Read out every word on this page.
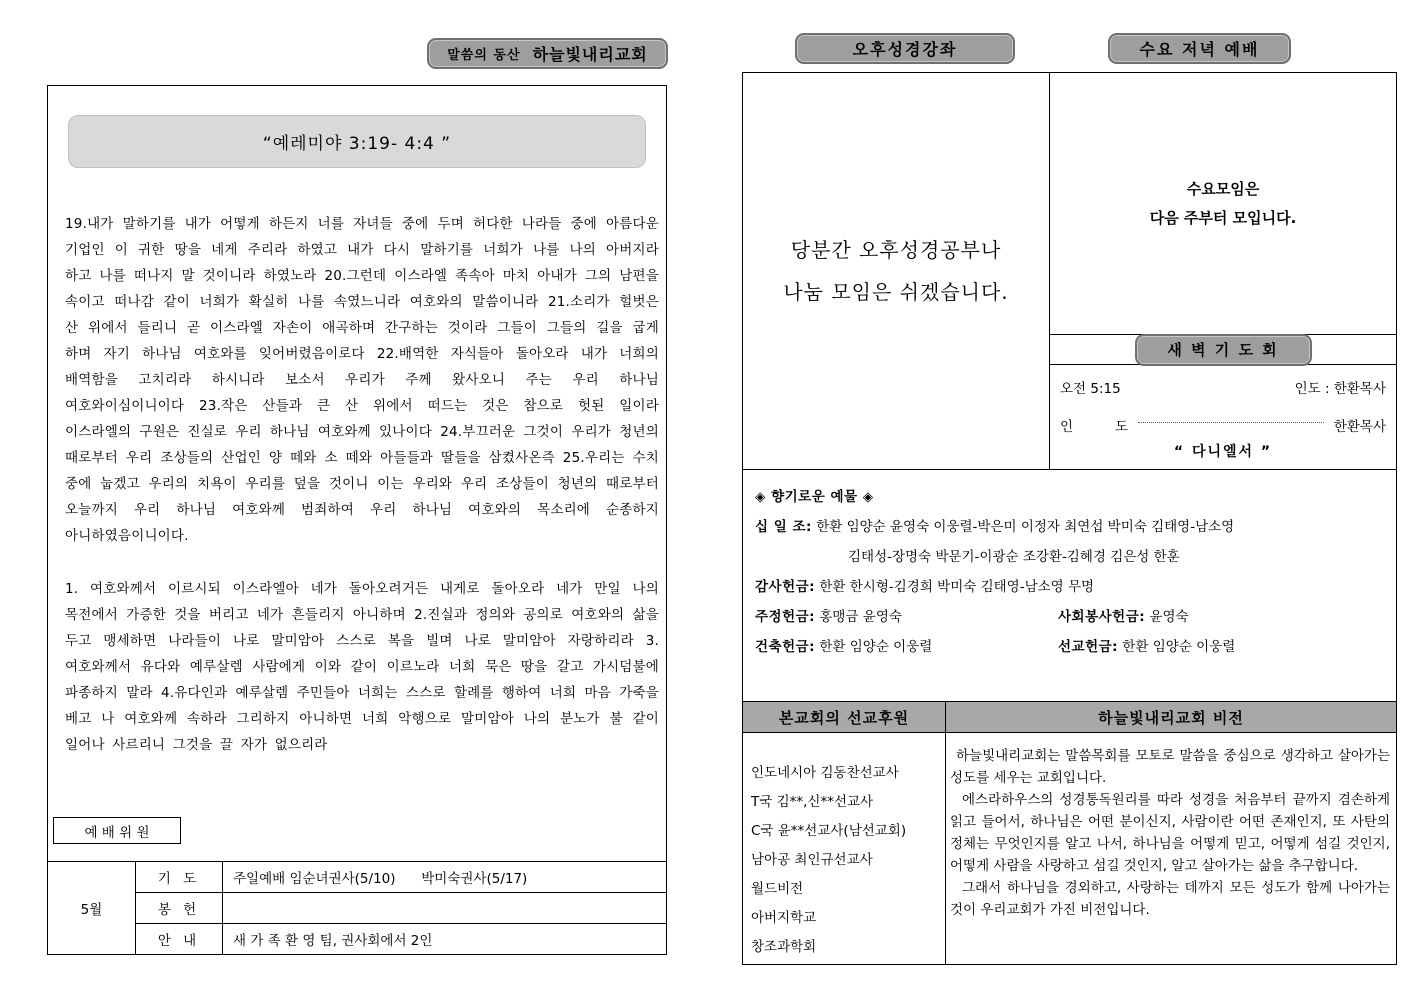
말씀의 동산 하늘빛내리교회
“예레미야 3:19- 4:4 ”

19.내가 말하기를 내가 어떻게 하든지 너를 자녀들 중에 두며 허다한 나라들 중에 아름다운 기업인 이 귀한 땅을 네게 주리라 하였고 내가 다시 말하기를 너희가 나를 나의 아버지라 하고 나를 떠나지 말 것이니라 하였노라 20.그런데 이스라엘 족속아 마치 아내가 그의 남편을 속이고 떠나감 같이 너희가 확실히 나를 속였느니라 여호와의 말씀이니라 21.소리가 헐벗은 산 위에서 들리니 곧 이스라엘 자손이 애곡하며 간구하는 것이라 그들이 그들의 길을 굽게 하며 자기 하나님 여호와를 잊어버렸음이로다 22.배역한 자식들아 돌아오라 내가 너희의 배역함을 고치리라 하시니라 보소서 우리가 주께 왔사오니 주는 우리 하나님 여호와이심이니이다 23.작은 산들과 큰 산 위에서 떠드는 것은 참으로 헛된 일이라 이스라엘의 구원은 진실로 우리 하나님 여호와께 있나이다 24.부끄러운 그것이 우리가 청년의 때로부터 우리 조상들의 산업인 양 떼와 소 떼와 아들들과 딸들을 삼켰사온즉 25.우리는 수치 중에 눕겠고 우리의 치욕이 우리를 덮을 것이니 이는 우리와 우리 조상들이 청년의 때로부터 오늘까지 우리 하나님 여호와께 범죄하여 우리 하나님 여호와의 목소리에 순종하지 아니하였음이니이다.

1. 여호와께서 이르시되 이스라엘아 네가 돌아오려거든 내게로 돌아오라 네가 만일 나의 목전에서 가증한 것을 버리고 네가 흔들리지 아니하며 2.진실과 정의와 공의로 여호와의 삶을 두고 맹세하면 나라들이 나로 말미암아 스스로 복을 빌며 나로 말미암아 자랑하리라 3.여호와께서 유다와 예루살렘 사람에게 이와 같이 이르노라 너희 묵은 땅을 갈고 가시덤불에 파종하지 말라 4.유다인과 예루살렘 주민들아 너희는 스스로 할례를 행하여 너희 마음 가죽을 베고 나 여호와께 속하라 그리하지 아니하면 너희 악행으로 말미암아 나의 분노가 불 같이 일어나 사르리니 그것을 끌 자가 없으리라

예 배 위 원
5월	기 도	주일예배 임순녀권사(5/10)      박미숙권사(5/17)
	봉 헌	
	안 내	새 가 족 환 영 팀, 권사회에서 2인
오후성경강좌	수요 저녁 예배
당분간 오후성경공부나
나눔 모임은 쉬겠습니다.
수요모임은
다음 주부터 모입니다.
새 벽 기 도 회
오전 5:15	인도 : 한환목사
인	도	한환목사
“ 다니엘서 ”
◈ 향기로운 예물 ◈
십 일 조: 한환 임양순 윤영숙 이웅렬-박은미 이정자 최연섭 박미숙 김태영-남소영
김태성-장명숙 박문기-이광순 조강환-김혜경 김은성 한훈
감사헌금: 한환 한시형-김경희 박미숙 김태영-남소영 무명
주정헌금: 홍맹금 윤영숙	사회봉사헌금: 윤영숙
건축헌금: 한환 임양순 이웅렬	선교헌금: 한환 임양순 이웅렬
본교회의 선교후원	하늘빛내리교회 비전
인도네시아 김동찬선교사
T국 김**,신**선교사
C국 윤**선교사(남선교회)
남아공 최인규선교사
월드비전
아버지학교
창조과학회

하늘빛내리교회는 말씀목회를 모토로 말씀을 중심으로 생각하고 살아가는 성도를 세우는 교회입니다.

에스라하우스의 성경통독원리를 따라 성경을 처음부터 끝까지 겸손하게 읽고 들어서, 하나님은 어떤 분이신지, 사람이란 어떤 존재인지, 또 사탄의 정체는 무엇인지를 알고 나서, 하나님을 어떻게 믿고, 어떻게 섬길 것인지, 어떻게 사람을 사랑하고 섬길 것인지, 알고 살아가는 삶을 추구합니다.

그래서 하나님을 경외하고, 사랑하는 데까지 모든 성도가 함께 나아가는 것이 우리교회가 가진 비전입니다.
